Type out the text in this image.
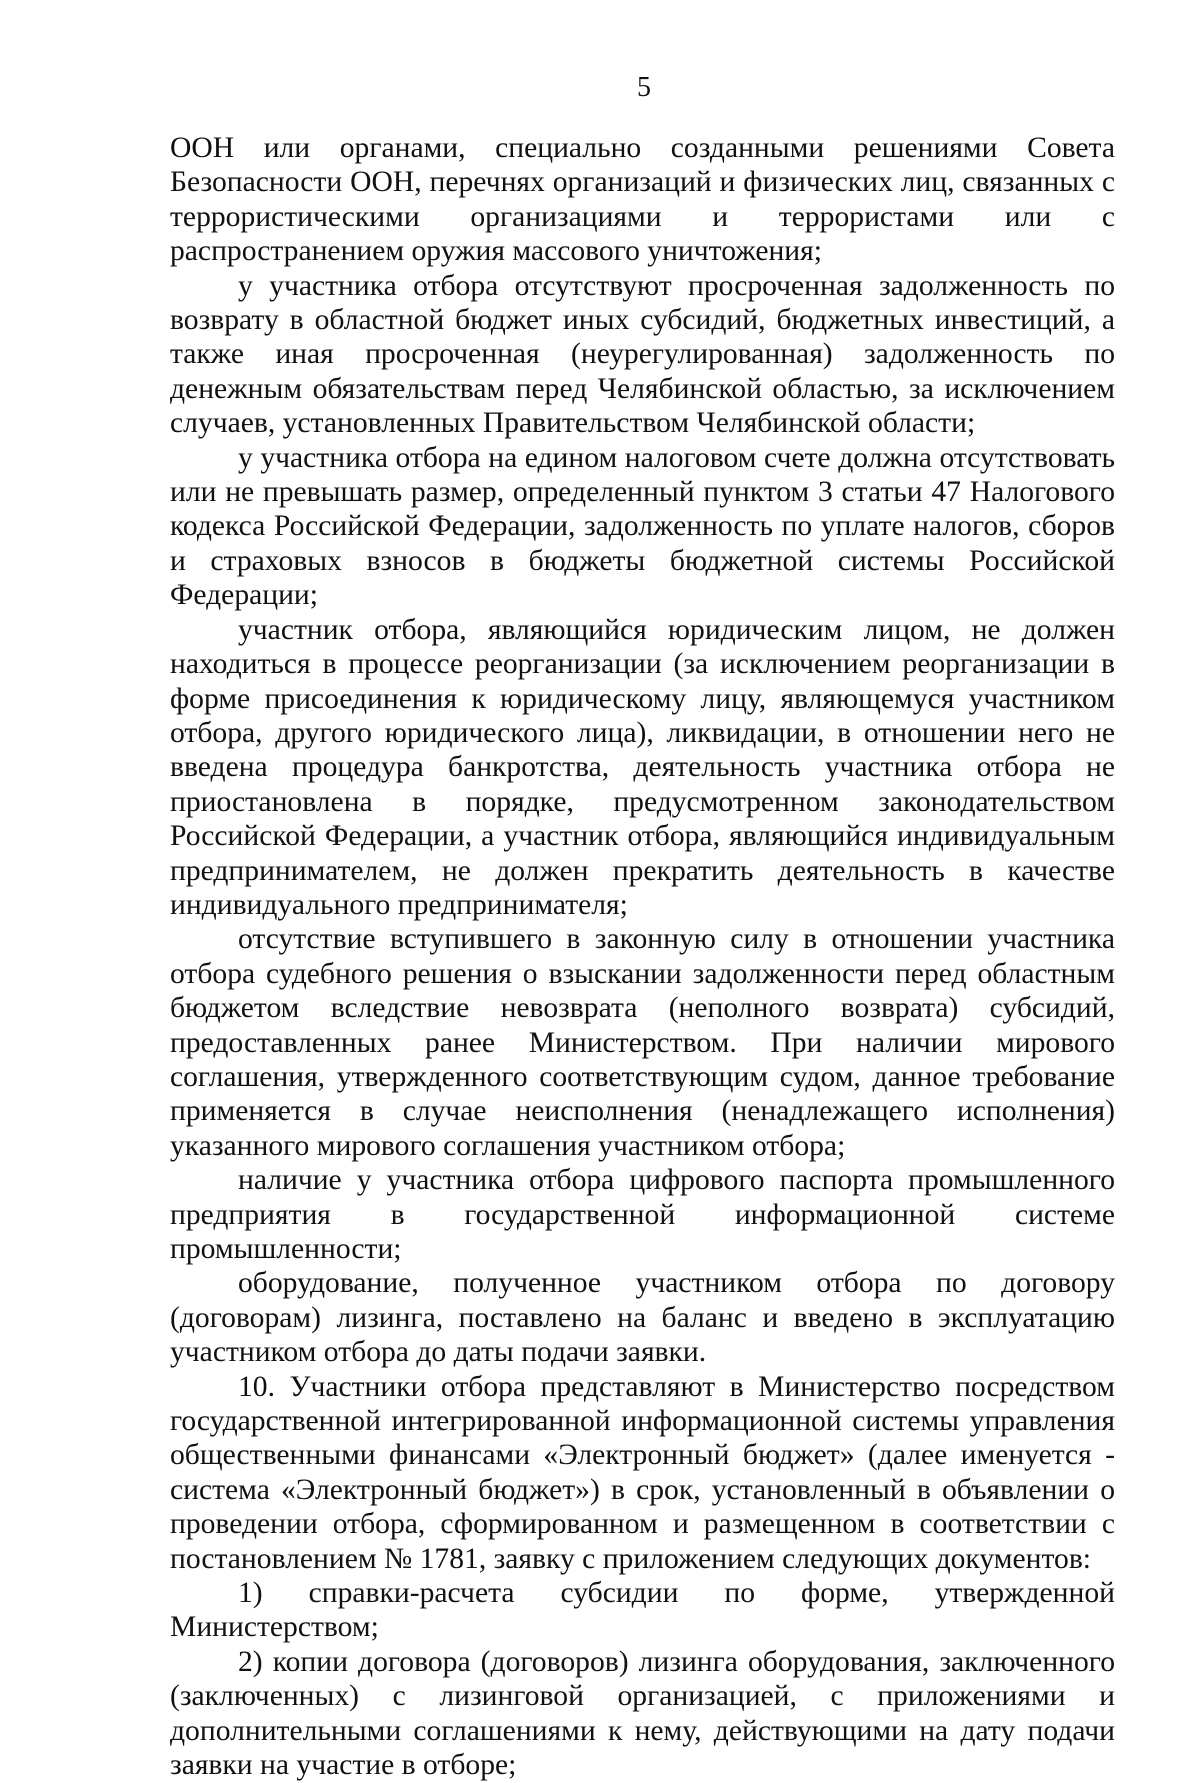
5

ООН или органами, специально созданными решениями Совета Безопасности ООН, перечнях организаций и физических лиц, связанных с террористическими организациями и террористами или с распространением оружия массового уничтожения;

у участника отбора отсутствуют просроченная задолженность по возврату в областной бюджет иных субсидий, бюджетных инвестиций, а также иная просроченная (неурегулированная) задолженность по денежным обязательствам перед Челябинской областью, за исключением случаев, установленных Правительством Челябинской области;

у участника отбора на едином налоговом счете должна отсутствовать или не превышать размер, определенный пунктом 3 статьи 47 Налогового кодекса Российской Федерации, задолженность по уплате налогов, сборов и страховых взносов в бюджеты бюджетной системы Российской Федерации;

участник отбора, являющийся юридическим лицом, не должен находиться в процессе реорганизации (за исключением реорганизации в форме присоединения к юридическому лицу, являющемуся участником отбора, другого юридического лица), ликвидации, в отношении него не введена процедура банкротства, деятельность участника отбора не приостановлена в порядке, предусмотренном законодательством Российской Федерации, а участник отбора, являющийся индивидуальным предпринимателем, не должен прекратить деятельность в качестве индивидуального предпринимателя;

отсутствие вступившего в законную силу в отношении участника отбора судебного решения о взыскании задолженности перед областным бюджетом вследствие невозврата (неполного возврата) субсидий, предоставленных ранее Министерством. При наличии мирового соглашения, утвержденного соответствующим судом, данное требование применяется в случае неисполнения (ненадлежащего исполнения) указанного мирового соглашения участником отбора;

наличие у участника отбора цифрового паспорта промышленного предприятия в государственной информационной системе промышленности;

оборудование, полученное участником отбора по договору (договорам) лизинга, поставлено на баланс и введено в эксплуатацию участником отбора до даты подачи заявки.

10. Участники отбора представляют в Министерство посредством государственной интегрированной информационной системы управления общественными финансами «Электронный бюджет» (далее именуется - система «Электронный бюджет») в срок, установленный в объявлении о проведении отбора, сформированном и размещенном в соответствии с постановлением № 1781, заявку с приложением следующих документов:

1) справки-расчета субсидии по форме, утвержденной Министерством;

2) копии договора (договоров) лизинга оборудования, заключенного (заключенных) с лизинговой организацией, с приложениями и дополнительными соглашениями к нему, действующими на дату подачи заявки на участие в отборе;
